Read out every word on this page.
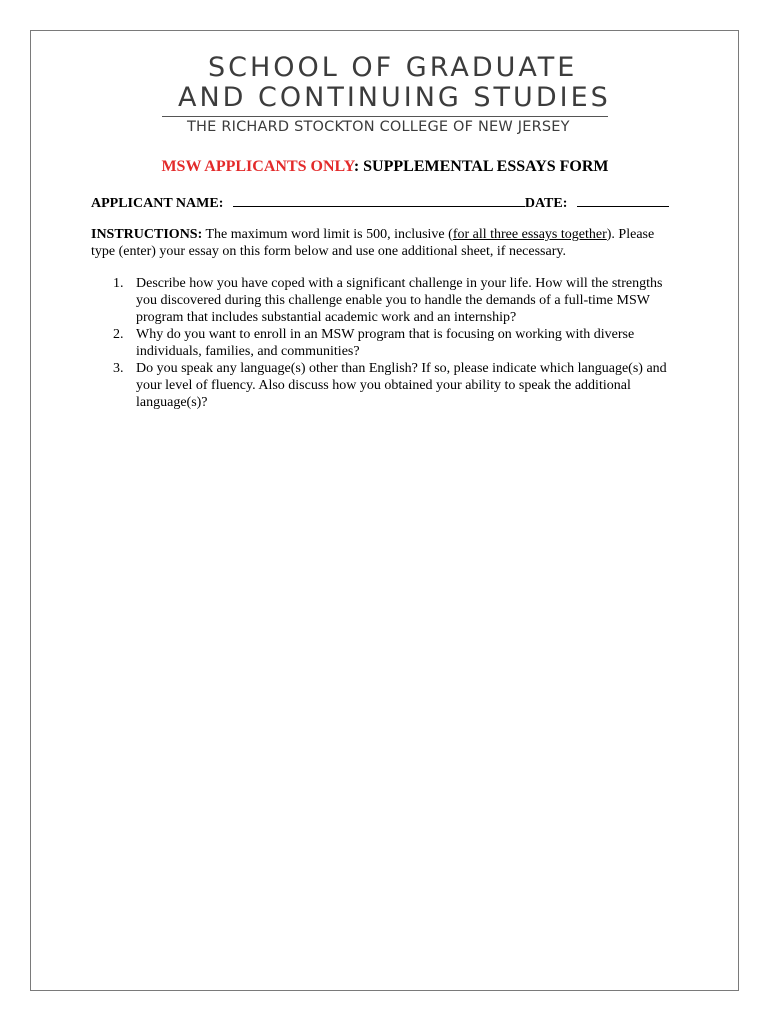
SCHOOL OF GRADUATE
AND CONTINUING STUDIES
THE RICHARD STOCKTON COLLEGE OF NEW JERSEY
MSW APPLICANTS ONLY: SUPPLEMENTAL ESSAYS FORM
APPLICANT NAME:	DATE:
INSTRUCTIONS: The maximum word limit is 500, inclusive (for all three essays together). Please type (enter) your essay on this form below and use one additional sheet, if necessary.
1. Describe how you have coped with a significant challenge in your life. How will the strengths you discovered during this challenge enable you to handle the demands of a full-time MSW program that includes substantial academic work and an internship?
2. Why do you want to enroll in an MSW program that is focusing on working with diverse individuals, families, and communities?
3. Do you speak any language(s) other than English? If so, please indicate which language(s) and your level of fluency. Also discuss how you obtained your ability to speak the additional language(s)?
